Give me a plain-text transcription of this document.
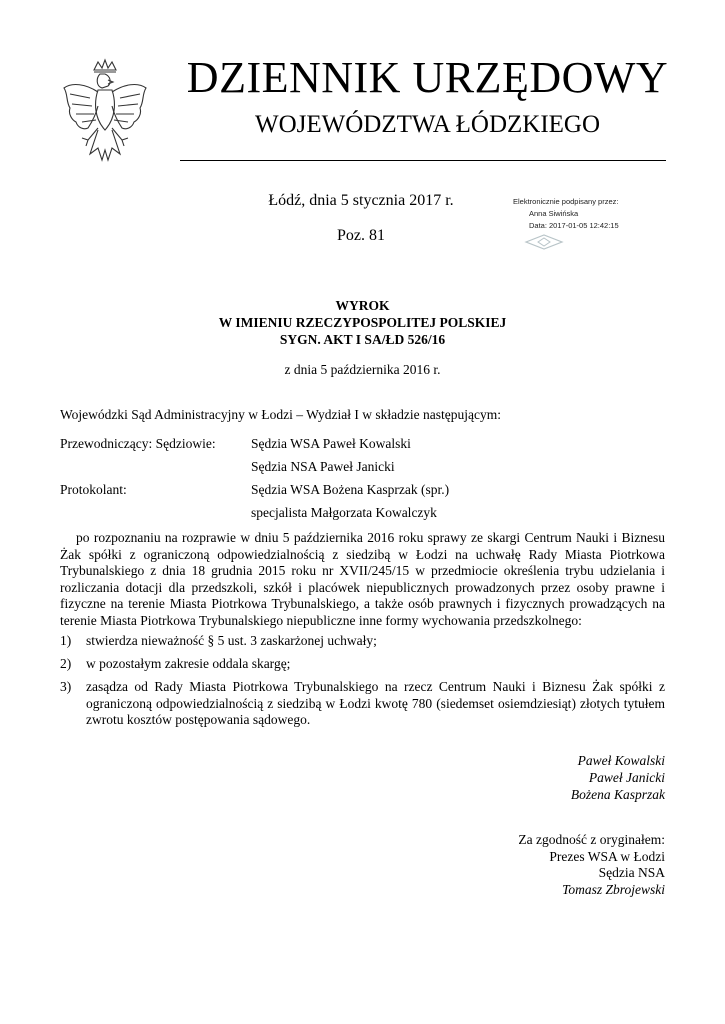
DZIENNIK URZĘDOWY
WOJEWÓDZTWA ŁÓDZKIEGO
Łódź, dnia 5 stycznia 2017 r.
Poz. 81
Elektronicznie podpisany przez:
Anna Siwińska
Data: 2017-01-05 12:42:15
WYROK
W IMIENIU RZECZYPOSPOLITEJ POLSKIEJ
SYGN. AKT I SA/ŁD 526/16
z dnia 5 października 2016 r.
Wojewódzki Sąd Administracyjny w Łodzi – Wydział I w składzie następującym:
Przewodniczący: Sędziowie:	Sędzia WSA Paweł Kowalski
Sędzia NSA Paweł Janicki
Protokolant:	Sędzia WSA Bożena Kasprzak (spr.)
specjalista Małgorzata Kowalczyk
po rozpoznaniu na rozprawie w dniu 5 października 2016 roku sprawy ze skargi Centrum Nauki i Biznesu Żak spółki z ograniczoną odpowiedzialnością z siedzibą w Łodzi na uchwałę Rady Miasta Piotrkowa Trybunalskiego z dnia 18 grudnia 2015 roku nr XVII/245/15 w przedmiocie określenia trybu udzielania i rozliczania dotacji dla przedszkoli, szkół i placówek niepublicznych prowadzonych przez osoby prawne i fizyczne na terenie Miasta Piotrkowa Trybunalskiego, a także osób prawnych i fizycznych prowadzących na terenie Miasta Piotrkowa Trybunalskiego niepubliczne inne formy wychowania przedszkolnego:
1)	stwierdza nieważność § 5 ust. 3 zaskarżonej uchwały;
2)	w pozostałym zakresie oddala skargę;
3)	zasądza od Rady Miasta Piotrkowa Trybunalskiego na rzecz Centrum Nauki i Biznesu Żak spółki z ograniczoną odpowiedzialnością z siedzibą w Łodzi kwotę 780 (siedemset osiemdziesiąt) złotych tytułem zwrotu kosztów postępowania sądowego.
Paweł Kowalski
Paweł Janicki
Bożena Kasprzak
Za zgodność z oryginałem:
Prezes WSA w Łodzi
Sędzia NSA
Tomasz Zbrojewski
